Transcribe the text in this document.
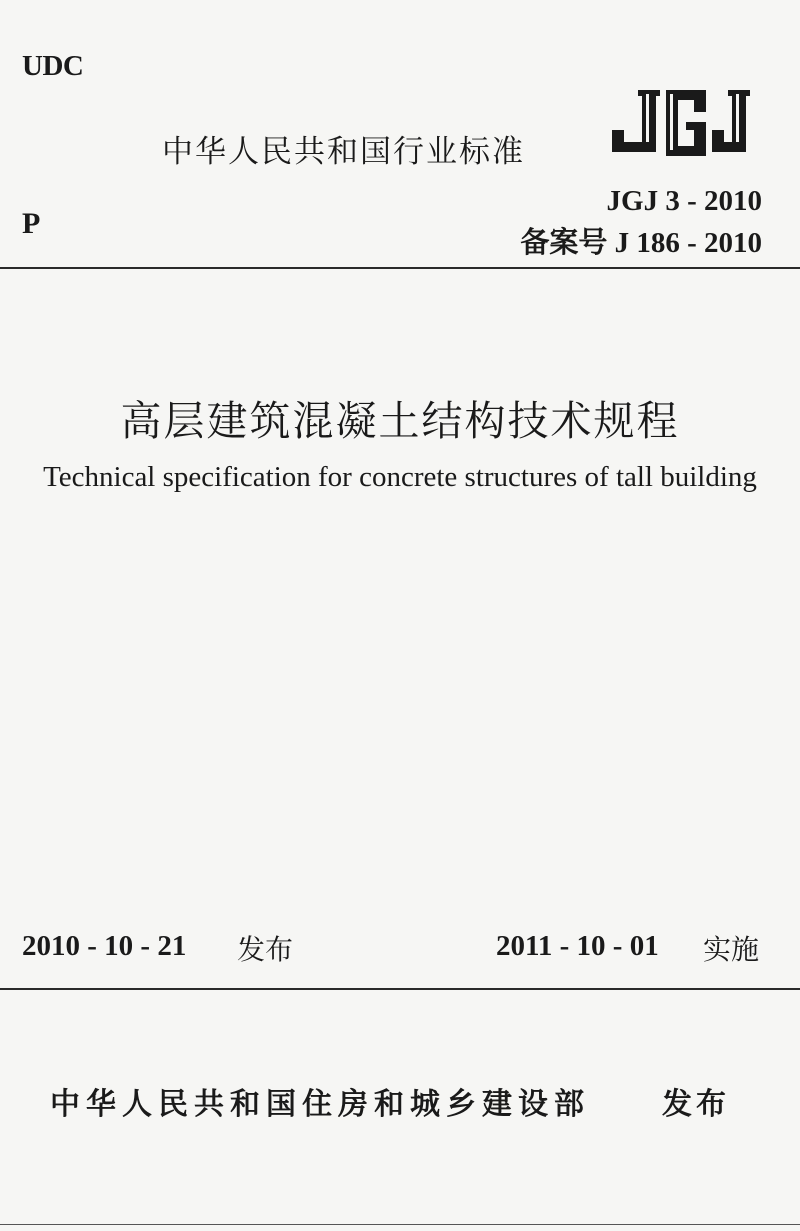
UDC
P
中华人民共和国行业标准
JGJ 3 - 2010
备案号 J 186 - 2010
高层建筑混凝土结构技术规程
Technical specification for concrete structures of tall building
2010 - 10 - 21 发布	2011 - 10 - 01 实施
中华人民共和国住房和城乡建设部 发布
